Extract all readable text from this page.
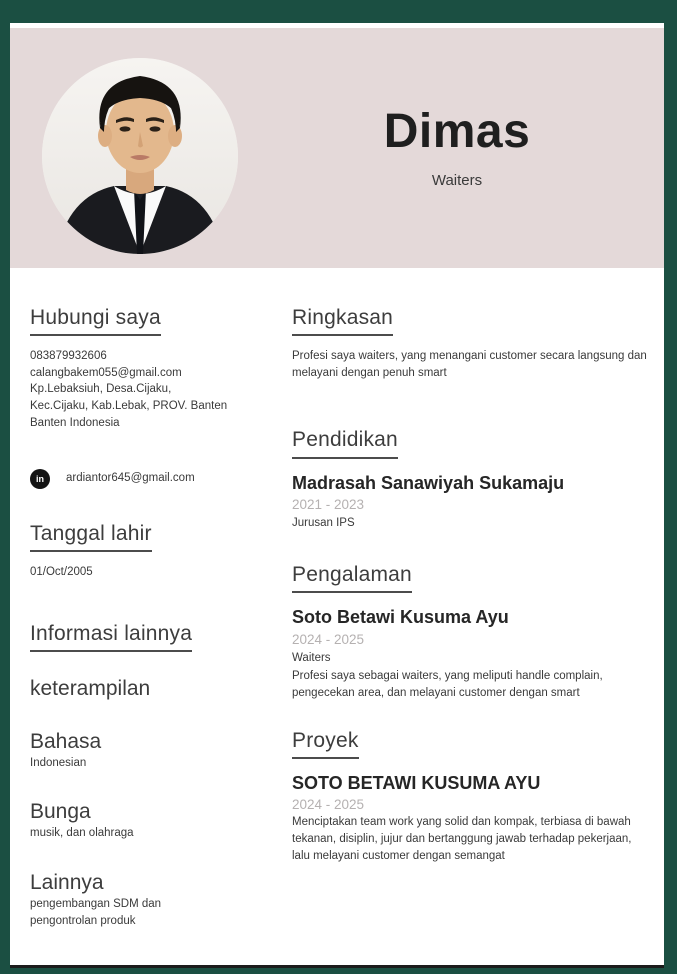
Dimas
Waiters
Hubungi saya
083879932606
calangbakem055@gmail.com
Kp.Lebaksiuh, Desa.Cijaku,
Kec.Cijaku, Kab.Lebak, PROV. Banten
Banten Indonesia
in	ardiantor645@gmail.com
Tanggal lahir
01/Oct/2005
Informasi lainnya
keterampilan
Bahasa
Indonesian
Bunga
musik, dan olahraga
Lainnya
pengembangan SDM dan pengontrolan produk
Ringkasan

Profesi saya waiters, yang menangani customer secara langsung dan melayani dengan penuh smart

Pendidikan
Madrasah Sanawiyah Sukamaju
2021 - 2023
Jurusan IPS
Pengalaman
Soto Betawi Kusuma Ayu
2024 - 2025
Waiters

Profesi saya sebagai waiters, yang meliputi handle complain, pengecekan area, dan melayani customer dengan smart

Proyek
SOTO BETAWI KUSUMA AYU
2024 - 2025

Menciptakan team work yang solid dan kompak, terbiasa di bawah tekanan, disiplin, jujur dan bertanggung jawab terhadap pekerjaan, lalu melayani customer dengan semangat
